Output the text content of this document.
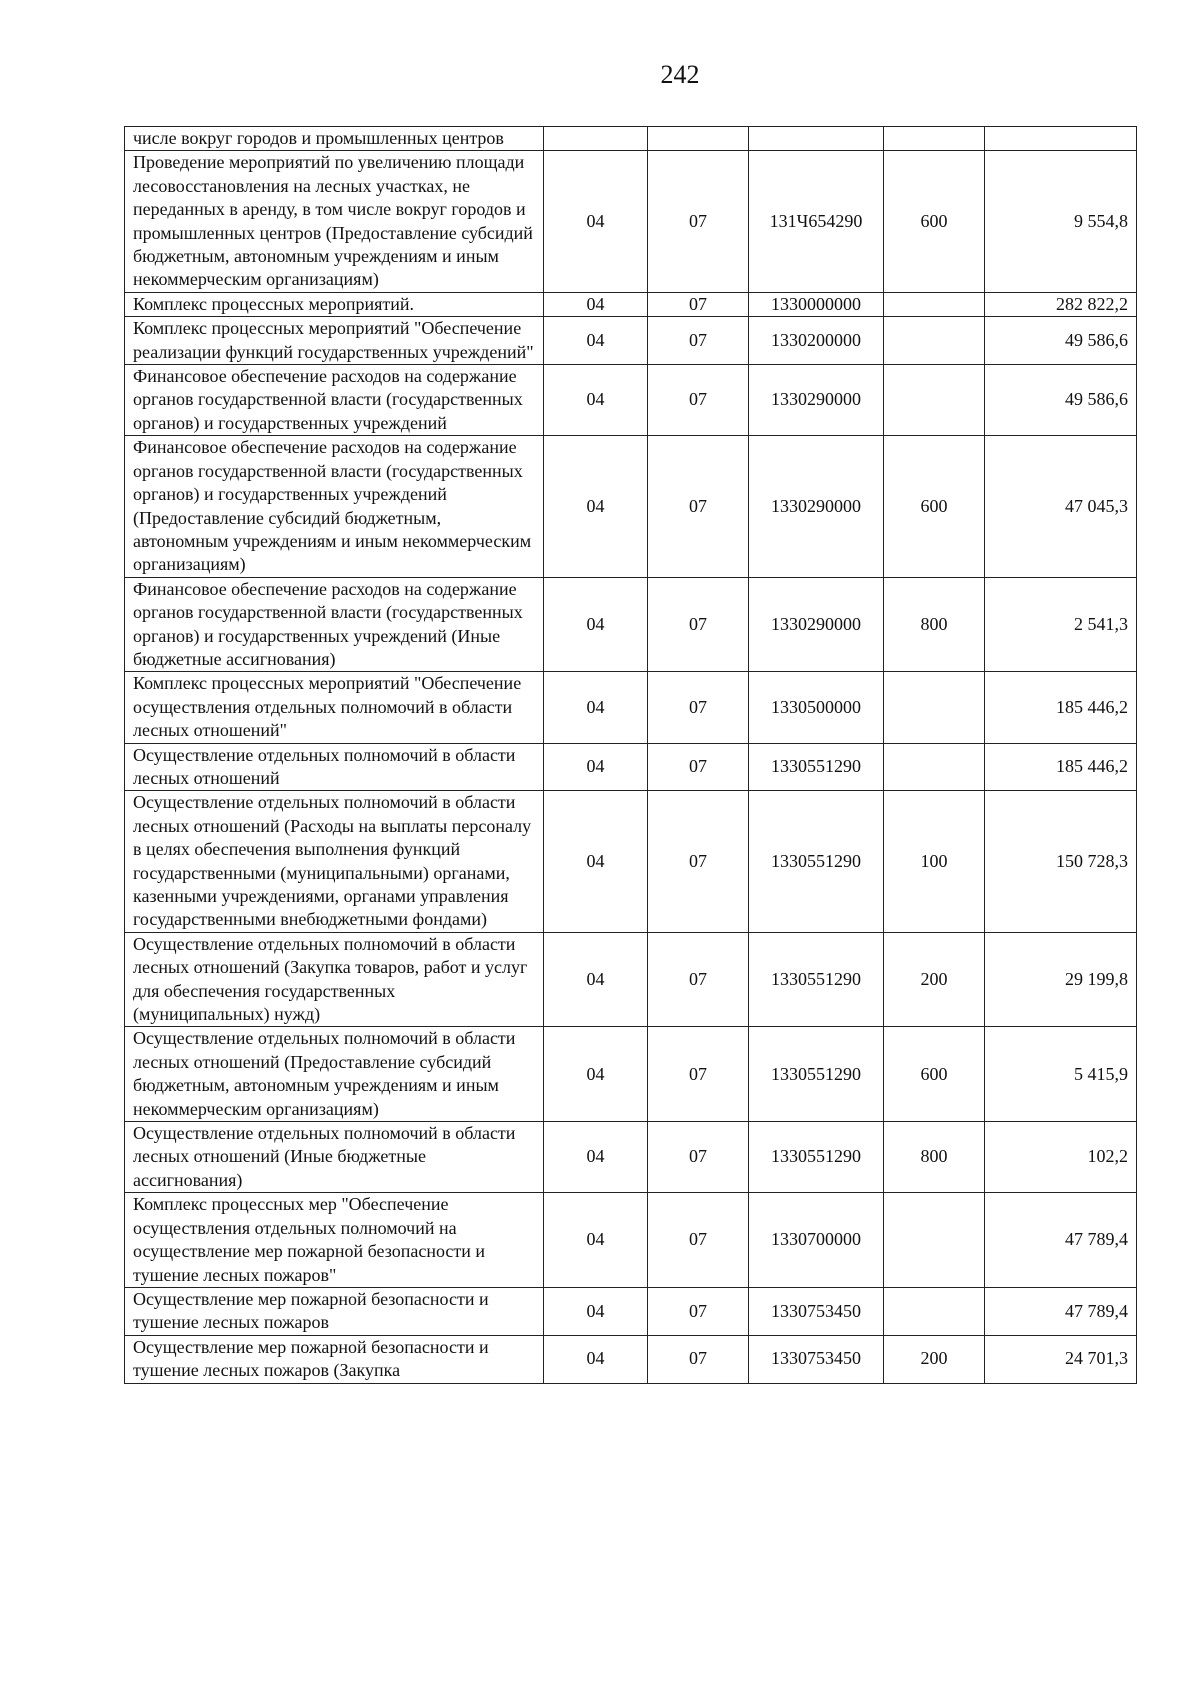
242
числе вокруг городов и промышленных центров					
Проведение мероприятий по увеличению площади лесовосстановления на лесных участках, не переданных в аренду, в том числе вокруг городов и промышленных центров (Предоставление субсидий бюджетным, автономным учреждениям и иным некоммерческим организациям)	04	07	131Ч654290	600	9 554,8
Комплекс процессных мероприятий.	04	07	1330000000		282 822,2
Комплекс процессных мероприятий "Обеспечение реализации функций государственных учреждений"	04	07	1330200000		49 586,6
Финансовое обеспечение расходов на содержание органов государственной власти (государственных органов) и государственных учреждений	04	07	1330290000		49 586,6
Финансовое обеспечение расходов на содержание органов государственной власти (государственных органов) и государственных учреждений (Предоставление субсидий бюджетным, автономным учреждениям и иным некоммерческим организациям)	04	07	1330290000	600	47 045,3
Финансовое обеспечение расходов на содержание органов государственной власти (государственных органов) и государственных учреждений (Иные бюджетные ассигнования)	04	07	1330290000	800	2 541,3
Комплекс процессных мероприятий "Обеспечение осуществления отдельных полномочий в области лесных отношений"	04	07	1330500000		185 446,2
Осуществление отдельных полномочий в области лесных отношений	04	07	1330551290		185 446,2
Осуществление отдельных полномочий в области лесных отношений (Расходы на выплаты персоналу в целях обеспечения выполнения функций государственными (муниципальными) органами, казенными учреждениями, органами управления государственными внебюджетными фондами)	04	07	1330551290	100	150 728,3
Осуществление отдельных полномочий в области лесных отношений (Закупка товаров, работ и услуг для обеспечения государственных (муниципальных) нужд)	04	07	1330551290	200	29 199,8
Осуществление отдельных полномочий в области лесных отношений (Предоставление субсидий бюджетным, автономным учреждениям и иным некоммерческим организациям)	04	07	1330551290	600	5 415,9
Осуществление отдельных полномочий в области лесных отношений (Иные бюджетные ассигнования)	04	07	1330551290	800	102,2
Комплекс процессных мер "Обеспечение осуществления отдельных полномочий на осуществление мер пожарной безопасности и тушение лесных пожаров"	04	07	1330700000		47 789,4
Осуществление мер пожарной безопасности и тушение лесных пожаров	04	07	1330753450		47 789,4
Осуществление мер пожарной безопасности и тушение лесных пожаров (Закупка	04	07	1330753450	200	24 701,3
